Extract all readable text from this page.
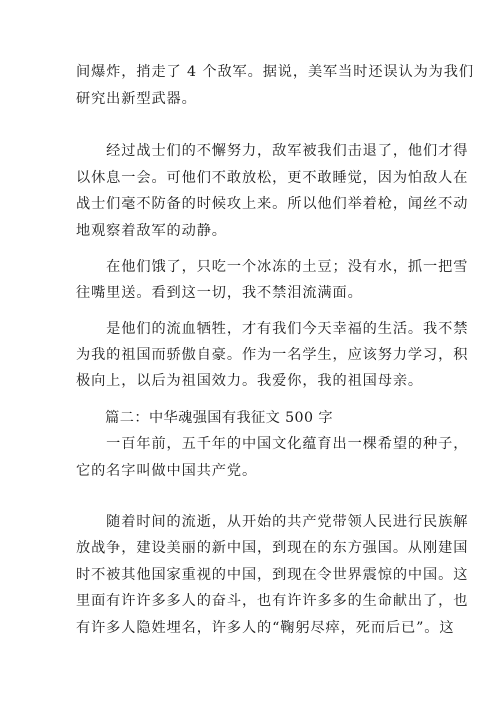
间爆炸，捎走了 4 个敌军。据说，美军当时还误认为为我们
研究出新型武器。
　　经过战士们的不懈努力，敌军被我们击退了，他们才得
以休息一会。可他们不敢放松，更不敢睡觉，因为怕敌人在
战士们毫不防备的时候攻上来。所以他们举着枪，闻丝不动
地观察着敌军的动静。
　　在他们饿了，只吃一个冰冻的土豆；没有水，抓一把雪
往嘴里送。看到这一切，我不禁泪流满面。
　　是他们的流血牺牲，才有我们今天幸福的生活。我不禁
为我的祖国而骄傲自豪。作为一名学生，应该努力学习，积
极向上，以后为祖国效力。我爱你，我的祖国母亲。
　　篇二：中华魂强国有我征文 500 字
　　一百年前，五千年的中国文化蕴育出一棵希望的种子，
它的名字叫做中国共产党。
　　随着时间的流逝，从开始的共产党带领人民进行民族解
放战争，建设美丽的新中国，到现在的东方强国。从刚建国
时不被其他国家重视的中国，到现在令世界震惊的中国。这
里面有许许多多人的奋斗，也有许许多多的生命献出了，也
有许多人隐姓埋名，许多人的“鞠躬尽瘁，死而后已”。这
